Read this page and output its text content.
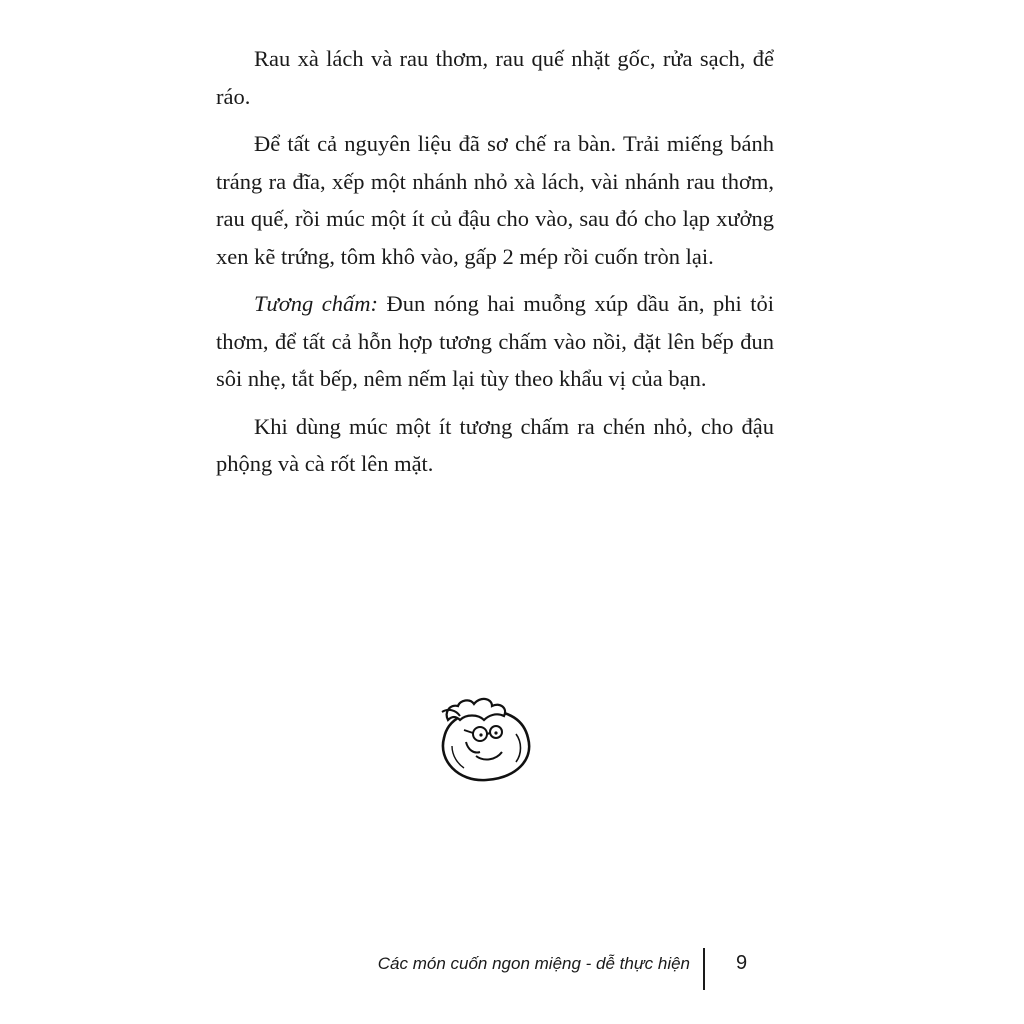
Rau xà lách và rau thơm, rau quế nhặt gốc, rửa sạch, để ráo.

Để tất cả nguyên liệu đã sơ chế ra bàn. Trải miếng bánh tráng ra đĩa, xếp một nhánh nhỏ xà lách, vài nhánh rau thơm, rau quế, rồi múc một ít củ đậu cho vào, sau đó cho lạp xưởng xen kẽ trứng, tôm khô vào, gấp 2 mép rồi cuốn tròn lại.

Tương chấm: Đun nóng hai muỗng xúp dầu ăn, phi tỏi thơm, để tất cả hỗn hợp tương chấm vào nồi, đặt lên bếp đun sôi nhẹ, tắt bếp, nêm nếm lại tùy theo khẩu vị của bạn.

Khi dùng múc một ít tương chấm ra chén nhỏ, cho đậu phộng và cà rốt lên mặt.

Các món cuốn ngon miệng - dễ thực hiện 9
